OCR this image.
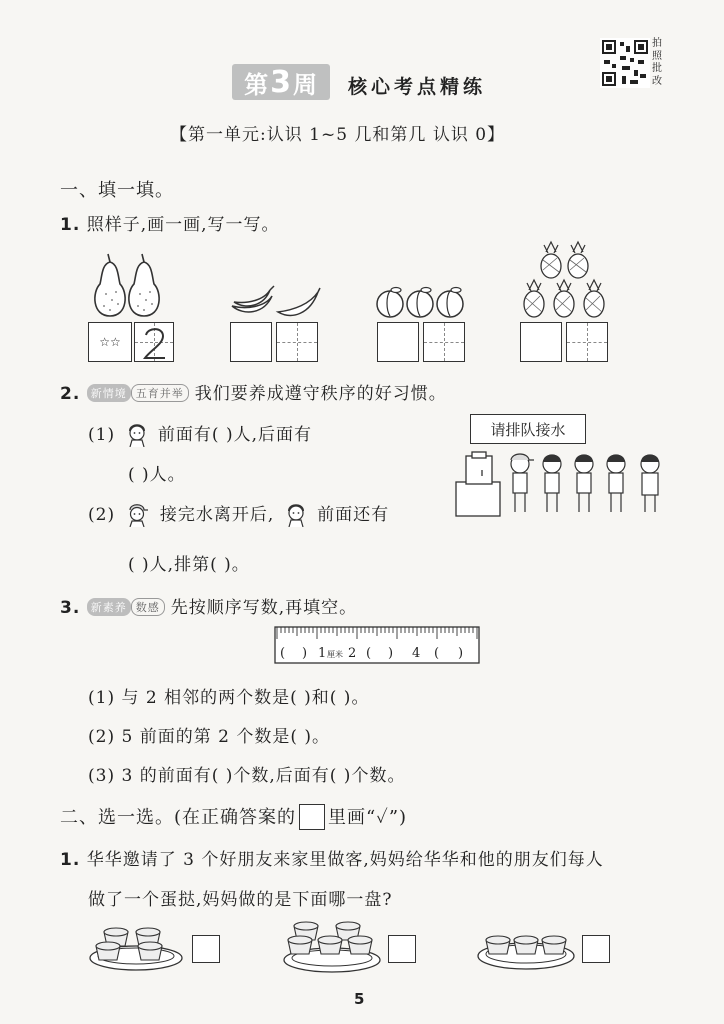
第 3 周 核心考点精练
拍照批改
【第一单元:认识 1~5 几和第几 认识 0】
一、填一填。
1. 照样子,画一画,写一写。
☆☆
2. 新情境 五育并举 我们要养成遵守秩序的好习惯。
(1)	前面有( )人,后面有
( )人。
(2)	接完水离开后,	前面还有
( )人,排第( )。
请排队接水
3. 新素养 数感 先按顺序写数,再填空。
( ) 1 厘米 2 ( ) 4 ( )
(1) 与 2 相邻的两个数是( )和( )。
(2) 5 前面的第 2 个数是( )。
(3) 3 的前面有( )个数,后面有( )个数。
二、选一选。(在正确答案的 里画“✓”)
1. 华华邀请了 3 个好朋友来家里做客,妈妈给华华和他的朋友们每人
做了一个蛋挞,妈妈做的是下面哪一盘?
5
